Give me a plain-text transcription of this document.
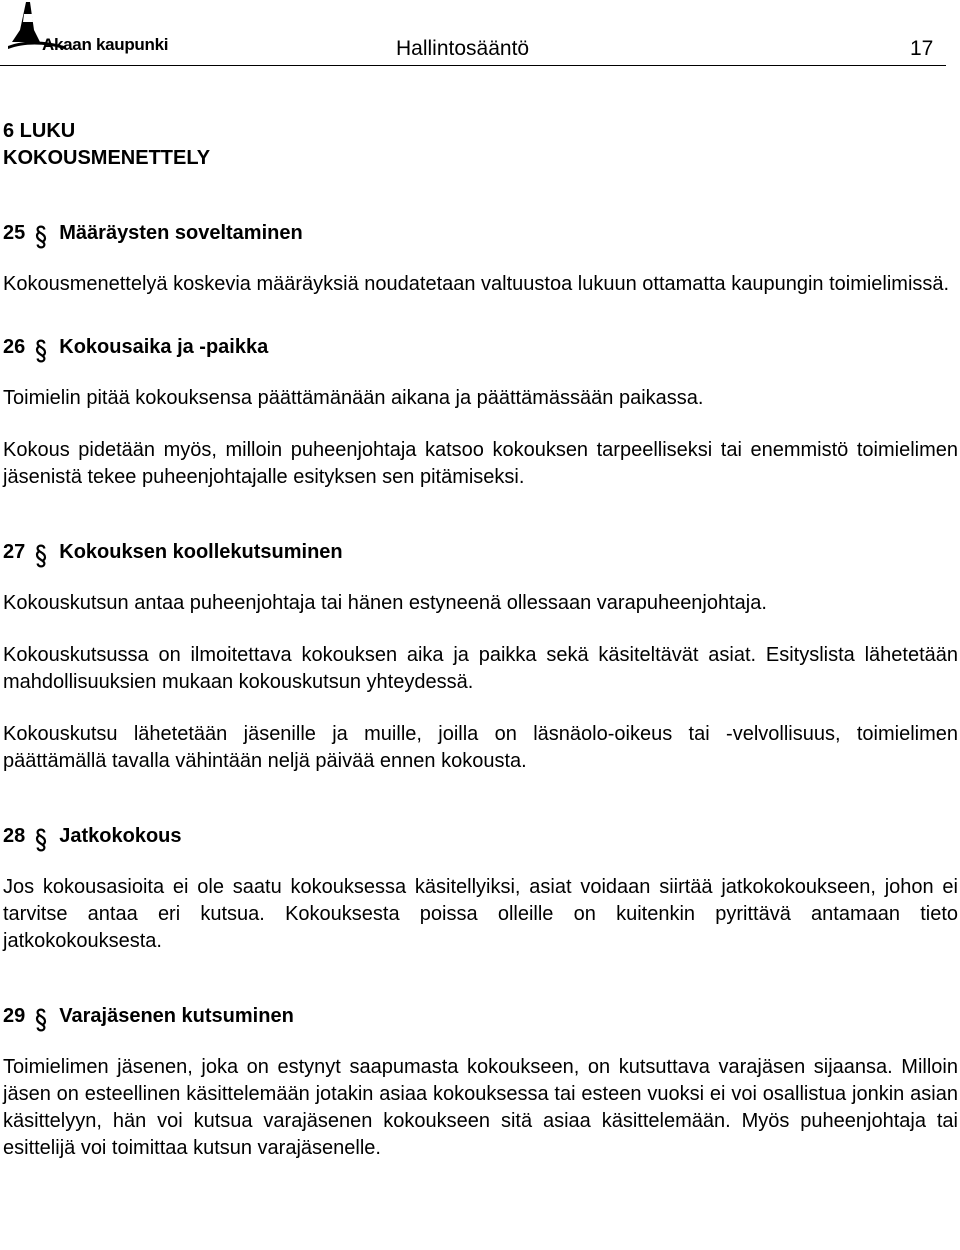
Akaan kaupunki	Hallintosääntö	17
6 LUKU
KOKOUSMENETTELY
25 Määräysten soveltaminen

Kokousmenettelyä koskevia määräyksiä noudatetaan valtuustoa lukuun ottamatta kaupungin toimielimissä.

26 Kokousaika ja -paikka

Toimielin pitää kokouksensa päättämänään aikana ja päättämässään paikassa.

Kokous pidetään myös, milloin puheenjohtaja katsoo kokouksen tarpeelliseksi tai enemmistö toimielimen jäsenistä tekee puheenjohtajalle esityksen sen pitämiseksi.

27 Kokouksen koollekutsuminen

Kokouskutsun antaa puheenjohtaja tai hänen estyneenä ollessaan varapuheenjohtaja.

Kokouskutsussa on ilmoitettava kokouksen aika ja paikka sekä käsiteltävät asiat. Esityslista lähetetään mahdollisuuksien mukaan kokouskutsun yhteydessä.

Kokouskutsu lähetetään jäsenille ja muille, joilla on läsnäolo-oikeus tai -velvollisuus, toimielimen päättämällä tavalla vähintään neljä päivää ennen kokousta.

28 Jatkokokous

Jos kokousasioita ei ole saatu kokouksessa käsitellyiksi, asiat voidaan siirtää jatkokokoukseen, johon ei tarvitse antaa eri kutsua. Kokouksesta poissa olleille on kuitenkin pyrittävä antamaan tieto jatkokokouksesta.

29 Varajäsenen kutsuminen

Toimielimen jäsenen, joka on estynyt saapumasta kokoukseen, on kutsuttava varajäsen sijaansa. Milloin jäsen on esteellinen käsittelemään jotakin asiaa kokouksessa tai esteen vuoksi ei voi osallistua jonkin asian käsittelyyn, hän voi kutsua varajäsenen kokoukseen sitä asiaa käsittelemään. Myös puheenjohtaja tai esittelijä voi toimittaa kutsun varajäsenelle.
